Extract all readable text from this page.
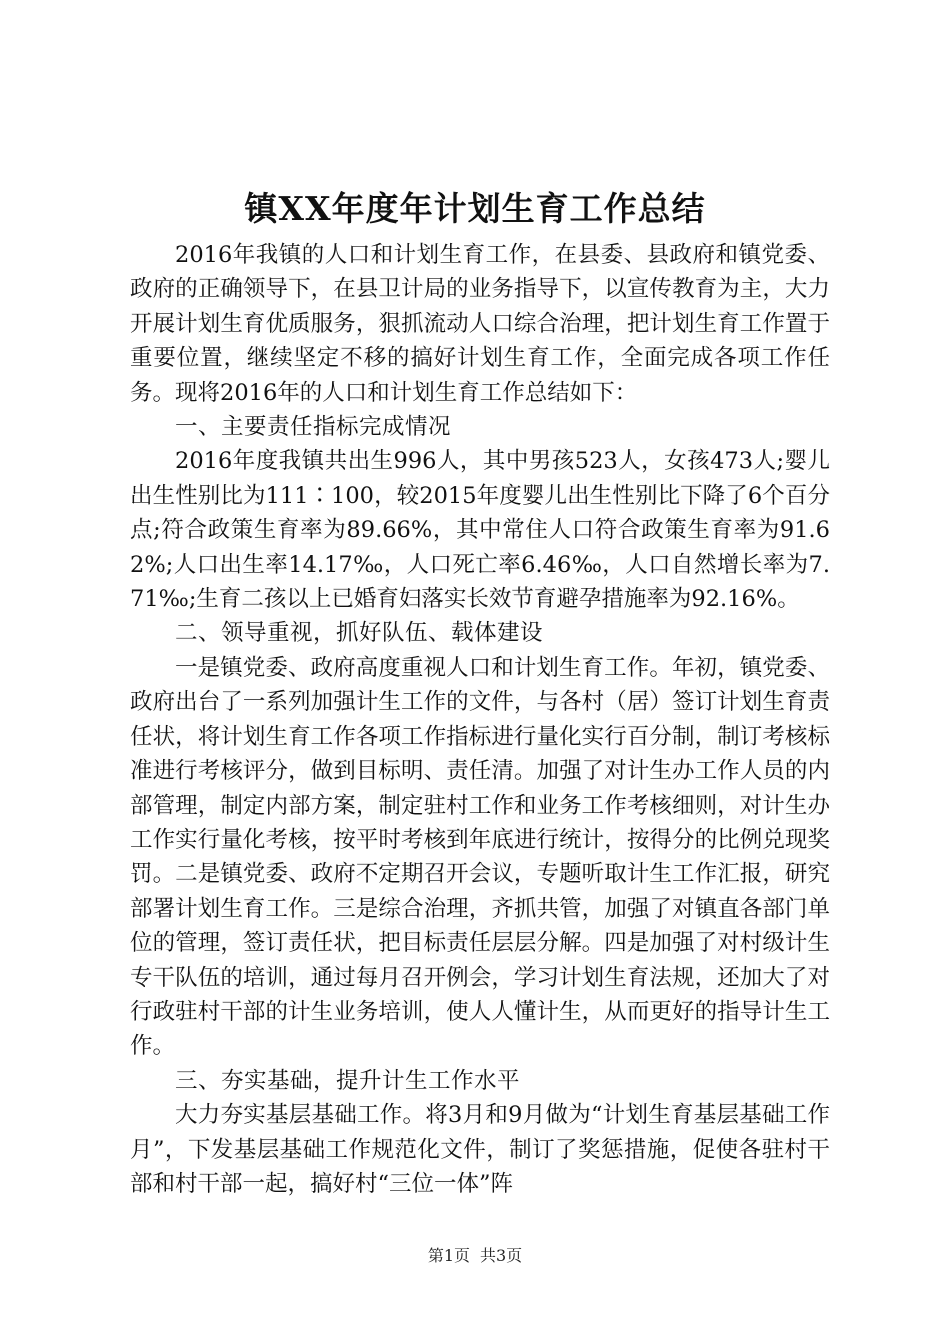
镇XX年度年计划生育工作总结

2016年我镇的人口和计划生育工作，在县委、县政府和镇党委、政府的正确领导下，在县卫计局的业务指导下，以宣传教育为主，大力开展计划生育优质服务，狠抓流动人口综合治理，把计划生育工作置于重要位置，继续坚定不移的搞好计划生育工作，全面完成各项工作任务。现将2016年的人口和计划生育工作总结如下：

一、主要责任指标完成情况

2016年度我镇共出生996人，其中男孩523人，女孩473人;婴儿出生性别比为111∶100，较2015年度婴儿出生性别比下降了6个百分点;符合政策生育率为89.66%，其中常住人口符合政策生育率为91.62%;人口出生率14.17‰，人口死亡率6.46‰，人口自然增长率为7.71‰;生育二孩以上已婚育妇落实长效节育避孕措施率为92.16%。

二、领导重视，抓好队伍、载体建设

一是镇党委、政府高度重视人口和计划生育工作。年初，镇党委、政府出台了一系列加强计生工作的文件，与各村（居）签订计划生育责任状，将计划生育工作各项工作指标进行量化实行百分制，制订考核标准进行考核评分，做到目标明、责任清。加强了对计生办工作人员的内部管理，制定内部方案，制定驻村工作和业务工作考核细则，对计生办工作实行量化考核，按平时考核到年底进行统计，按得分的比例兑现奖罚。二是镇党委、政府不定期召开会议，专题听取计生工作汇报，研究部署计划生育工作。三是综合治理，齐抓共管，加强了对镇直各部门单位的管理，签订责任状，把目标责任层层分解。四是加强了对村级计生专干队伍的培训，通过每月召开例会，学习计划生育法规，还加大了对行政驻村干部的计生业务培训，使人人懂计生，从而更好的指导计生工作。

三、夯实基础，提升计生工作水平

大力夯实基层基础工作。将3月和9月做为“计划生育基层基础工作月”，下发基层基础工作规范化文件，制订了奖惩措施，促使各驻村干部和村干部一起，搞好村“三位一体”阵

第1页 共3页
